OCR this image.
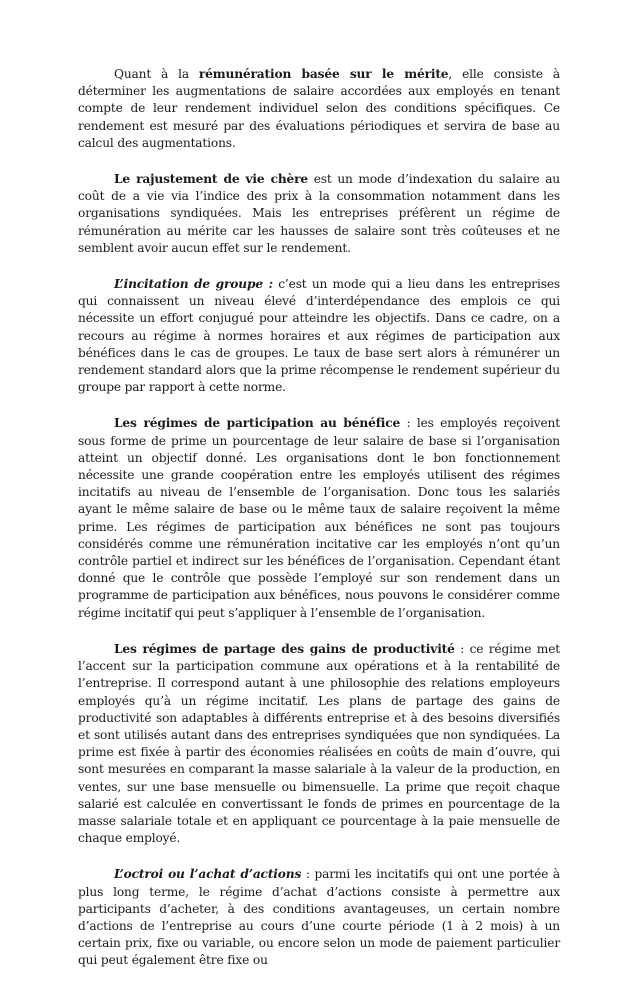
Quant à la rémunération basée sur le mérite, elle consiste à déterminer les augmentations de salaire accordées aux employés en tenant compte de leur rendement individuel selon des conditions spécifiques. Ce rendement est mesuré par des évaluations périodiques et servira de base au calcul des augmentations.

Le rajustement de vie chère est un mode d’indexation du salaire au coût de a vie via l’indice des prix à la consommation notamment dans les organisations syndiquées. Mais les entreprises préfèrent un régime de rémunération au mérite car les hausses de salaire sont très coûteuses et ne semblent avoir aucun effet sur le rendement.

L’incitation de groupe : c’est un mode qui a lieu dans les entreprises qui connaissent un niveau élevé d’interdépendance des emplois ce qui nécessite un effort conjugué pour atteindre les objectifs. Dans ce cadre, on a recours au régime à normes horaires et aux régimes de participation aux bénéfices dans le cas de groupes. Le taux de base sert alors à rémunérer un rendement standard alors que la prime récompense le rendement supérieur du groupe par rapport à cette norme.

Les régimes de participation au bénéfice : les employés reçoivent sous forme de prime un pourcentage de leur salaire de base si l’organisation atteint un objectif donné. Les organisations dont le bon fonctionnement nécessite une grande coopération entre les employés utilisent des régimes incitatifs au niveau de l’ensemble de l’organisation. Donc tous les salariés ayant le même salaire de base ou le même taux de salaire reçoivent la même prime. Les régimes de participation aux bénéfices ne sont pas toujours considérés comme une rémunération incitative car les employés n’ont qu’un contrôle partiel et indirect sur les bénéfices de l’organisation. Cependant étant donné que le contrôle que possède l’employé sur son rendement dans un programme de participation aux bénéfices, nous pouvons le considérer comme régime incitatif qui peut s’appliquer à l’ensemble de l’organisation.

Les régimes de partage des gains de productivité : ce régime met l’accent sur la participation commune aux opérations et à la rentabilité de l’entreprise. Il correspond autant à une philosophie des relations employeurs employés qu’à un régime incitatif. Les plans de partage des gains de productivité son adaptables à différents entreprise et à des besoins diversifiés et sont utilisés autant dans des entreprises syndiquées que non syndiquées. La prime est fixée à partir des économies réalisées en coûts de main d’ouvre, qui sont mesurées en comparant la masse salariale à la valeur de la production, en ventes, sur une base mensuelle ou bimensuelle. La prime que reçoit chaque salarié est calculée en convertissant le fonds de primes en pourcentage de la masse salariale totale et en appliquant ce pourcentage à la paie mensuelle de chaque employé.

L’octroi ou l’achat d’actions : parmi les incitatifs qui ont une portée à plus long terme, le régime d’achat d’actions consiste à permettre aux participants d’acheter, à des conditions avantageuses, un certain nombre d’actions de l’entreprise au cours d’une courte période (1 à 2 mois) à un certain prix, fixe ou variable, ou encore selon un mode de paiement particulier qui peut également être fixe ou
